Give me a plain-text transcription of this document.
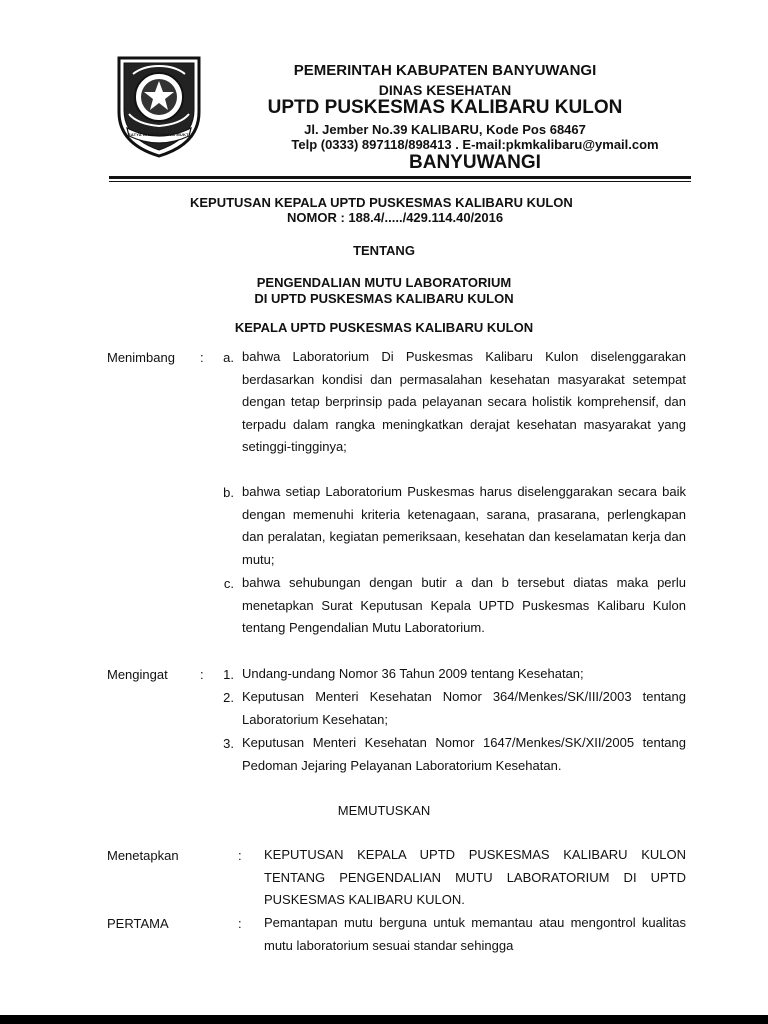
SATYA BHAKTI PRAJA MUKTI
PEMERINTAH KABUPATEN BANYUWANGI
DINAS KESEHATAN
UPTD PUSKESMAS KALIBARU KULON
Jl. Jember No.39 KALIBARU, Kode Pos 68467
Telp (0333) 897118/898413 . E-mail:pkmkalibaru@ymail.com
BANYUWANGI
KEPUTUSAN KEPALA UPTD PUSKESMAS KALIBARU KULON
NOMOR : 188.4/...../429.114.40/2016
TENTANG
PENGENDALIAN MUTU LABORATORIUM
DI UPTD PUSKESMAS KALIBARU KULON
KEPALA UPTD PUSKESMAS KALIBARU KULON
Menimbang :	a. bahwa Laboratorium Di Puskesmas Kalibaru Kulon diselenggarakan berdasarkan kondisi dan permasalahan kesehatan masyarakat setempat dengan tetap berprinsip pada pelayanan secara holistik komprehensif, dan terpadu dalam rangka meningkatkan derajat kesehatan masyarakat yang setinggi-tingginya;
b. bahwa setiap Laboratorium Puskesmas harus diselenggarakan secara baik dengan memenuhi kriteria ketenagaan, sarana, prasarana, perlengkapan dan peralatan, kegiatan pemeriksaan, kesehatan dan keselamatan kerja dan mutu;
c. bahwa sehubungan dengan butir a dan b tersebut diatas maka perlu menetapkan Surat Keputusan Kepala UPTD Puskesmas Kalibaru Kulon tentang Pengendalian Mutu Laboratorium.
Mengingat :	1. Undang-undang Nomor 36 Tahun 2009 tentang Kesehatan;
2. Keputusan Menteri Kesehatan Nomor 364/Menkes/SK/III/2003 tentang Laboratorium Kesehatan;
3. Keputusan Menteri Kesehatan Nomor 1647/Menkes/SK/XII/2005 tentang Pedoman Jejaring Pelayanan Laboratorium Kesehatan.
MEMUTUSKAN
Menetapkan	: KEPUTUSAN KEPALA UPTD PUSKESMAS KALIBARU KULON TENTANG PENGENDALIAN MUTU LABORATORIUM DI UPTD PUSKESMAS KALIBARU KULON.
PERTAMA	: Pemantapan mutu berguna untuk memantau atau mengontrol kualitas mutu laboratorium sesuai standar sehingga
